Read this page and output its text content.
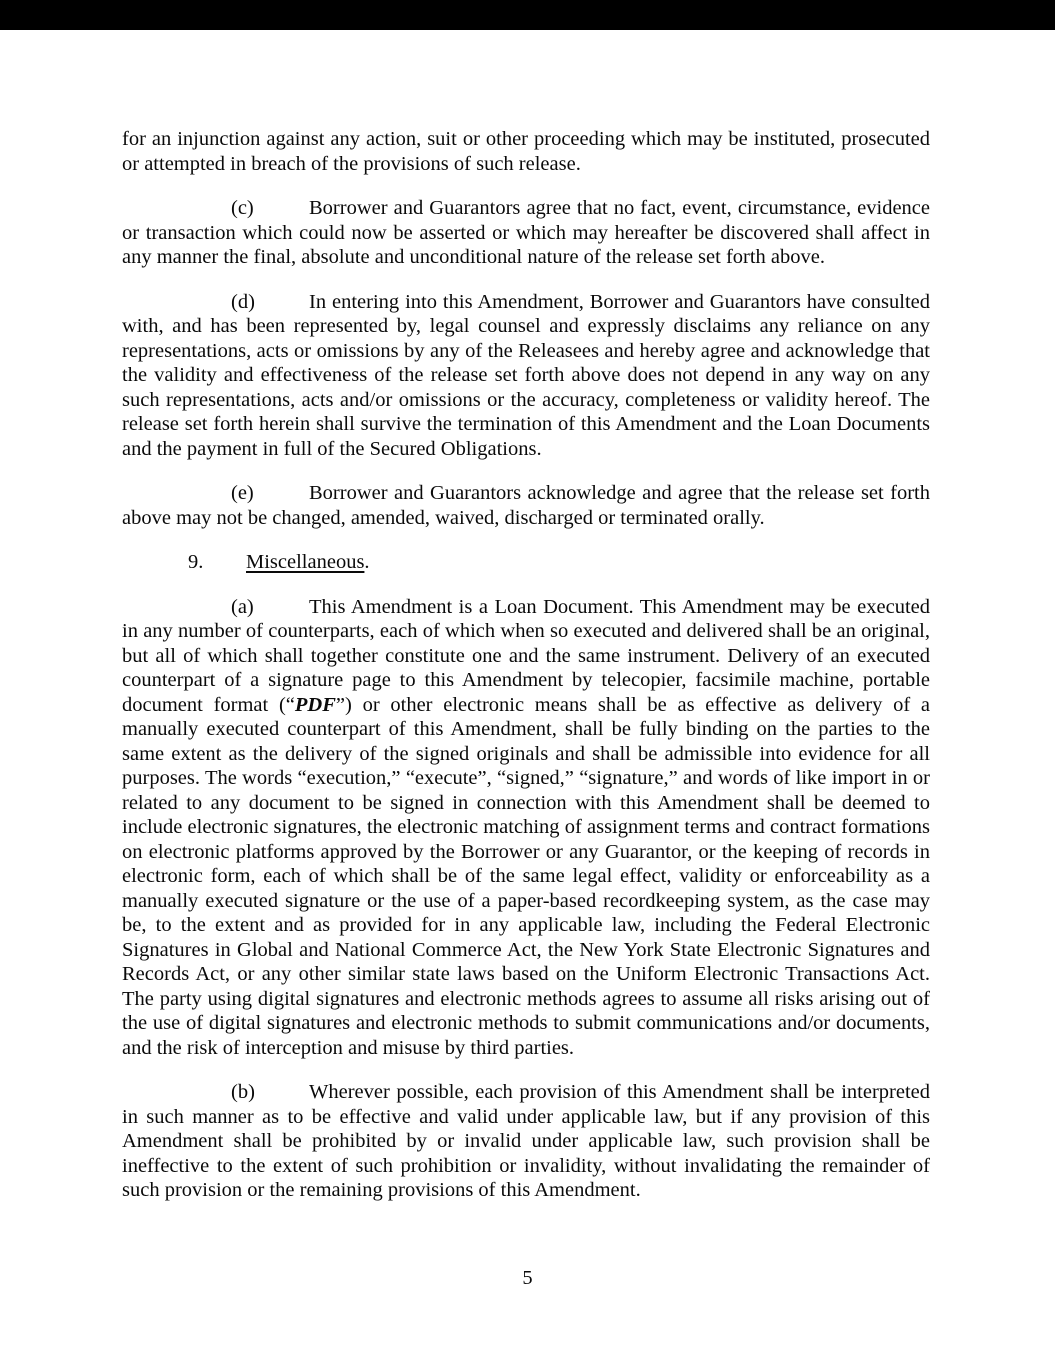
for an injunction against any action, suit or other proceeding which may be instituted, prosecuted or attempted in breach of the provisions of such release.

(c)	Borrower and Guarantors agree that no fact, event, circumstance, evidence or transaction which could now be asserted or which may hereafter be discovered shall affect in any manner the final, absolute and unconditional nature of the release set forth above.

(d)	In entering into this Amendment, Borrower and Guarantors have consulted with, and has been represented by, legal counsel and expressly disclaims any reliance on any representations, acts or omissions by any of the Releasees and hereby agree and acknowledge that the validity and effectiveness of the release set forth above does not depend in any way on any such representations, acts and/or omissions or the accuracy, completeness or validity hereof. The release set forth herein shall survive the termination of this Amendment and the Loan Documents and the payment in full of the Secured Obligations.

(e)	Borrower and Guarantors acknowledge and agree that the release set forth above may not be changed, amended, waived, discharged or terminated orally.

9. Miscellaneous.

(a)	This Amendment is a Loan Document. This Amendment may be executed in any number of counterparts, each of which when so executed and delivered shall be an original, but all of which shall together constitute one and the same instrument. Delivery of an executed counterpart of a signature page to this Amendment by telecopier, facsimile machine, portable document format (“PDF”) or other electronic means shall be as effective as delivery of a manually executed counterpart of this Amendment, shall be fully binding on the parties to the same extent as the delivery of the signed originals and shall be admissible into evidence for all purposes. The words “execution,” “execute”, “signed,” “signature,” and words of like import in or related to any document to be signed in connection with this Amendment shall be deemed to include electronic signatures, the electronic matching of assignment terms and contract formations on electronic platforms approved by the Borrower or any Guarantor, or the keeping of records in electronic form, each of which shall be of the same legal effect, validity or enforceability as a manually executed signature or the use of a paper-based recordkeeping system, as the case may be, to the extent and as provided for in any applicable law, including the Federal Electronic Signatures in Global and National Commerce Act, the New York State Electronic Signatures and Records Act, or any other similar state laws based on the Uniform Electronic Transactions Act. The party using digital signatures and electronic methods agrees to assume all risks arising out of the use of digital signatures and electronic methods to submit communications and/or documents, and the risk of interception and misuse by third parties.

(b)	Wherever possible, each provision of this Amendment shall be interpreted in such manner as to be effective and valid under applicable law, but if any provision of this Amendment shall be prohibited by or invalid under applicable law, such provision shall be ineffective to the extent of such prohibition or invalidity, without invalidating the remainder of such provision or the remaining provisions of this Amendment.

5
